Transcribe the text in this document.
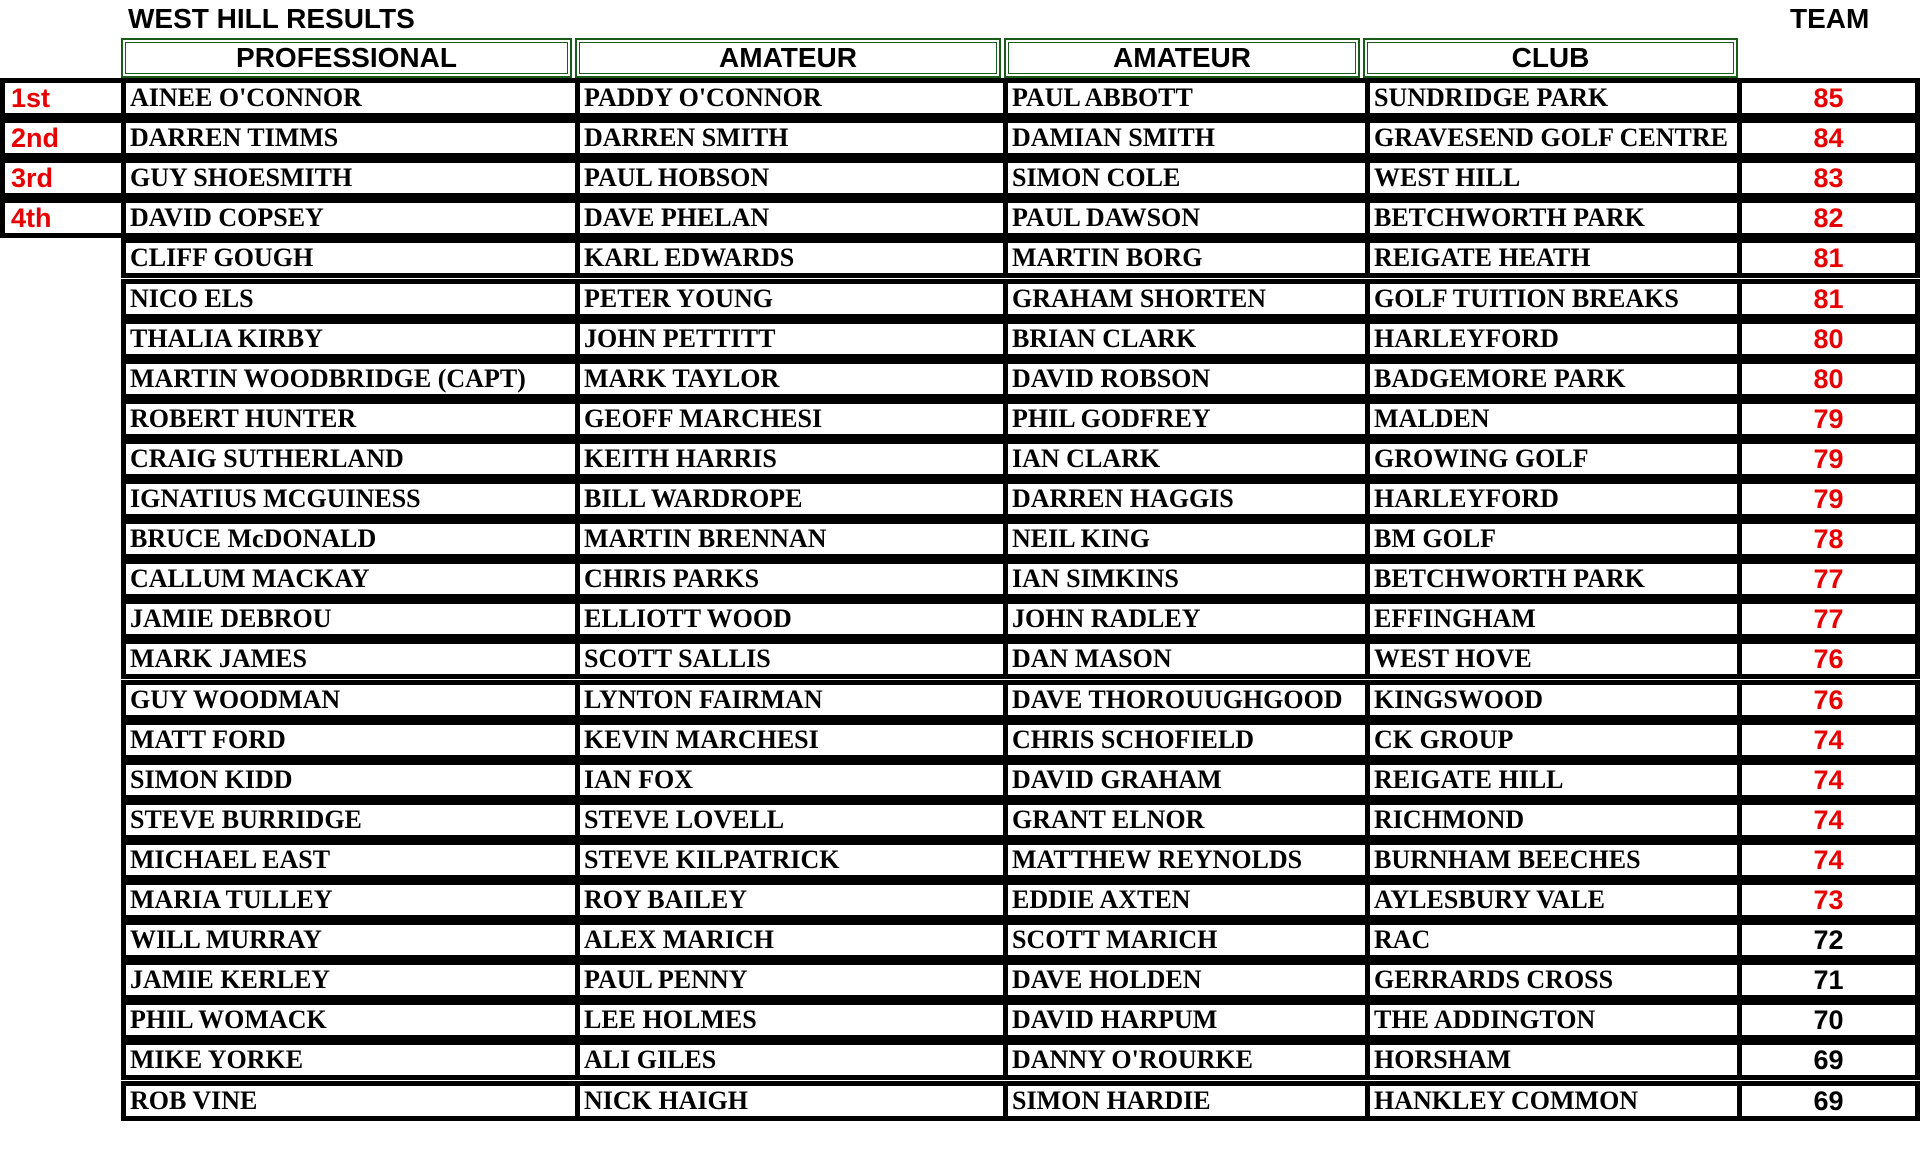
WEST HILL RESULTS	TEAM
PROFESSIONAL	AMATEUR	AMATEUR	CLUB
1st	AINEE O'CONNOR	PADDY O'CONNOR	PAUL ABBOTT	SUNDRIDGE PARK	85
2nd	DARREN TIMMS	DARREN SMITH	DAMIAN SMITH	GRAVESEND GOLF CENTRE	84
3rd	GUY SHOESMITH	PAUL HOBSON	SIMON COLE	WEST HILL	83
4th	DAVID COPSEY	DAVE PHELAN	PAUL DAWSON	BETCHWORTH PARK	82
CLIFF GOUGH	KARL EDWARDS	MARTIN BORG	REIGATE HEATH	81
NICO ELS	PETER YOUNG	GRAHAM SHORTEN	GOLF TUITION BREAKS	81
THALIA KIRBY	JOHN PETTITT	BRIAN CLARK	HARLEYFORD	80
MARTIN WOODBRIDGE (CAPT)	MARK TAYLOR	DAVID ROBSON	BADGEMORE PARK	80
ROBERT HUNTER	GEOFF MARCHESI	PHIL GODFREY	MALDEN	79
CRAIG SUTHERLAND	KEITH HARRIS	IAN CLARK	GROWING GOLF	79
IGNATIUS MCGUINESS	BILL WARDROPE	DARREN HAGGIS	HARLEYFORD	79
BRUCE McDONALD	MARTIN BRENNAN	NEIL KING	BM GOLF	78
CALLUM MACKAY	CHRIS PARKS	IAN SIMKINS	BETCHWORTH PARK	77
JAMIE DEBROU	ELLIOTT WOOD	JOHN RADLEY	EFFINGHAM	77
MARK JAMES	SCOTT SALLIS	DAN MASON	WEST HOVE	76
GUY WOODMAN	LYNTON FAIRMAN	DAVE THOROUUGHGOOD	KINGSWOOD	76
MATT FORD	KEVIN MARCHESI	CHRIS SCHOFIELD	CK GROUP	74
SIMON KIDD	IAN FOX	DAVID GRAHAM	REIGATE HILL	74
STEVE BURRIDGE	STEVE LOVELL	GRANT ELNOR	RICHMOND	74
MICHAEL EAST	STEVE KILPATRICK	MATTHEW REYNOLDS	BURNHAM BEECHES	74
MARIA TULLEY	ROY BAILEY	EDDIE AXTEN	AYLESBURY VALE	73
WILL MURRAY	ALEX MARICH	SCOTT MARICH	RAC	72
JAMIE KERLEY	PAUL PENNY	DAVE HOLDEN	GERRARDS CROSS	71
PHIL WOMACK	LEE HOLMES	DAVID HARPUM	THE ADDINGTON	70
MIKE YORKE	ALI GILES	DANNY O'ROURKE	HORSHAM	69
ROB VINE	NICK HAIGH	SIMON HARDIE	HANKLEY COMMON	69
